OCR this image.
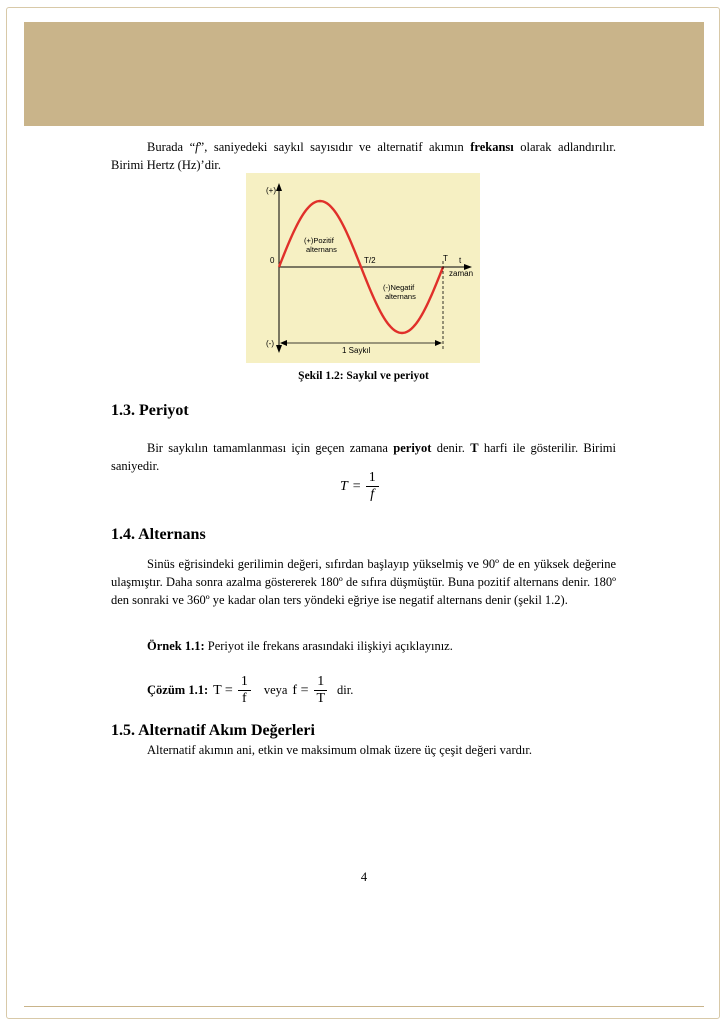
Burada “f”, saniyedeki saykıl sayısıdır ve alternatif akımın frekansı olarak adlandırılır. Birimi Hertz (Hz)’dir.

(+)
(-)
0	T/2	T t
zaman
(+)Pozitif
alternans
(-)Negatif
alternans
1 Saykıl
Şekil 1.2: Saykıl ve periyot
1.3. Periyot

Bir saykılın tamamlanması için geçen zamana periyot denir. T harfi ile gösterilir. Birimi saniyedir.

$T = \frac{1}{f}$
1.4. Alternans

Sinüs eğrisindeki gerilimin değeri, sıfırdan başlayıp yükselmiş ve 90º de en yüksek değerine ulaşmıştır. Daha sonra azalma göstererek 180º de sıfıra düşmüştür. Buna pozitif alternans denir. 180º den sonraki ve 360º ye kadar olan ters yöndeki eğriye ise negatif alternans denir (şekil 1.2).

Örnek 1.1: Periyot ile frekans arasındaki ilişkiyi açıklayınız.

Çözüm 1.1: $T = \frac{1}{f}$ veya $f = \frac{1}{T}$ dir.
1.5. Alternatif Akım Değerleri

Alternatif akımın ani, etkin ve maksimum olmak üzere üç çeşit değeri vardır.

4
